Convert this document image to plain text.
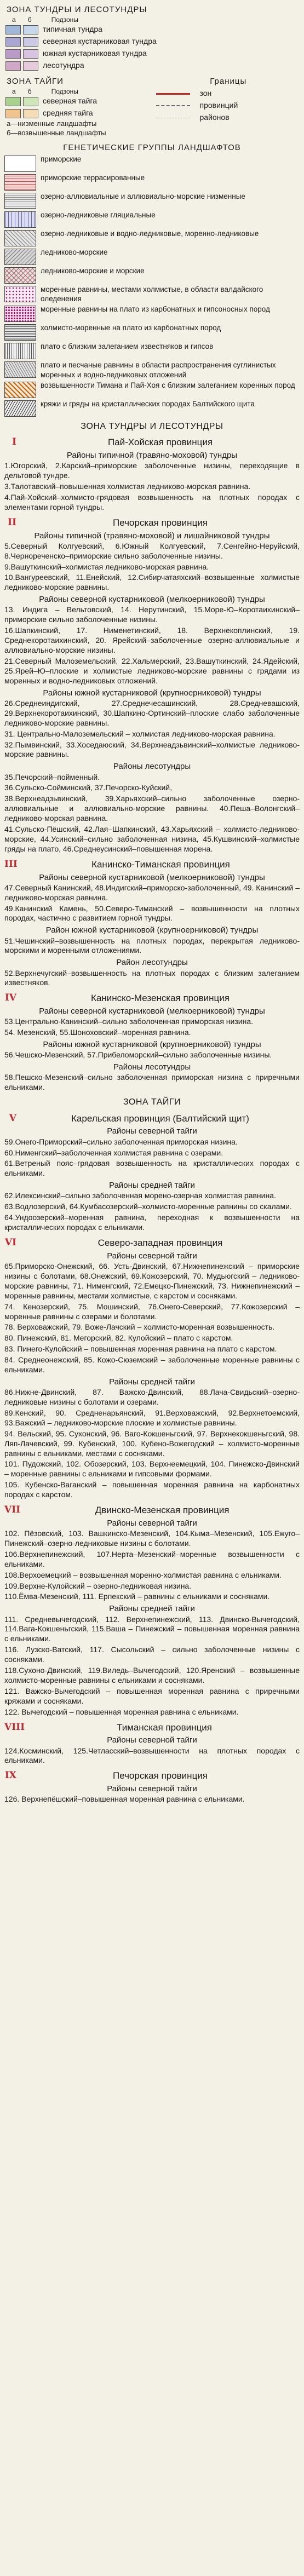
ЗОНА ТУНДРЫ И ЛЕСОТУНДРЫ
а б	Подзоны
типичная тундра
северная кустарниковая тундра
южная кустарниковая тундра
лесотундра
ЗОНА ТАЙГИ
а б	Подзоны
северная тайга
средняя тайга
а—низменные ландшафты
б—возвышенные ландшафты
Границы
зон
провинций
районов
ГЕНЕТИЧЕСКИЕ ГРУППЫ ЛАНДШАФТОВ
приморские
приморские террасированные
озерно-аллювиальные и аллювиально-морские низменные
озерно-ледниковые гляциальные
озерно-ледниковые и водно-ледниковые, моренно-ледниковые
ледниково-морские
ледниково-морские и морские
моренные равнины, местами холмистые, в области валдайского оледенения
моренные равнины на плато из карбонатных и гипсоносных пород
холмисто-моренные на плато из карбонатных пород
плато с близким залеганием известняков и гипсов
плато и песчаные равнины в области распространения суглинистых моренных и водно-ледниковых отложений
возвышенности Тимана и Пай-Хоя с близким залеганием коренных пород
кряжи и гряды на кристаллических породах Балтийского щита
ЗОНА ТУНДРЫ И ЛЕСОТУНДРЫ
I	Пай-Хойская провинция
Районы типичной (травяно-моховой) тундры
1.Югорский, 2.Карский–приморские заболоченные низины, переходящие в дельтовой тундре.
3.Талотавский–повышенная холмистая ледниково-морская равнина.
4.Пай-Хойский–холмисто-грядовая возвышенность на плотных породах с элементами горной тундры.
II	Печорская провинция
Районы типичной (травяно-моховой) и лишайниковой тундры
5.Северный Колгуевский, 6.Южный Колгуевский, 7.Сенгейно-Неруйский, 8.Чернореченско–приморские сильно заболоченные низины.
9.Вашуткинский–холмистая ледниково-морская равнина.
10.Вангуреевский, 11.Енейский, 12.Сибирчатаяхский–возвышенные холмистые ледниково-морские равнины.
Районы северной кустарниковой (мелкоерниковой) тундры
13. Индига – Вельтовский, 14. Нерутинский, 15.Море-Ю–Коротаихинский–приморские сильно заболоченные низины.
16.Шапкинский, 17. Нименетинский, 18. Верхнекоплинский, 19. Среднекоротаихинский, 20. Ярейский–заболоченные озерно-аллювиальные и аллювиально-морские низины.
21.Северный Малоземельский, 22.Хальмерский, 23.Вашуткинский, 24.Ядейский, 25.Ярей–Ю–плоские и холмистые ледниково-морские равнины с грядами из моренных и водно-ледниковых отложений.
Районы южной кустарниковой (крупноерниковой) тундры
26.Среднеиндигский, 27.Среднечесашинский, 28.Средневашский, 29.Верхнекоротаихинский, 30.Шапкино-Ортинский–плоские слабо заболоченные ледниково-морские равнины.
31. Центрально-Малоземельский – холмистая ледниково-морская равнина.
32.Пымвинский, 33.Хоседаюский, 34.Верхнеадзьвинский–холмистые ледниково-морские равнины.
Районы лесотундры
35.Печорский–пойменный.
36.Сульско-Сойминский, 37.Печорско-Куйский,
38.Верхнеадзьвинский, 39.Харьяхский–сильно заболоченные озерно-аллювиальные и аллювиально-морские равнины. 40.Пеша–Волонгский–ледниково-морская равнина.
41.Сульско-Пёшский, 42.Лая–Шапкинский, 43.Харьяхский – холмисто-ледниково-морские, 44.Усинский–сильно заболоченная низина, 45.Кушвинский–холмистые гряды на плато, 46.Среднеусинский–повышенная морена.
III	Канинско-Тиманская провинция
Районы северной кустарниковой (мелкоерниковой) тундры
47.Северный Канинский, 48.Индигский–приморско-заболоченный, 49. Канинский – ледниково-морская равнина.
49.Канинский Камень, 50.Северо-Тиманский – возвышенности на плотных породах, частично с развитием горной тундры.
Район южной кустарниковой (крупноерниковой) тундры
51.Чешинский–возвышенность на плотных породах, перекрытая ледниково-морскими и моренными отложениями.
Район лесотундры
52.Верхнечугский–возвышенность на плотных породах с близким залеганием известняков.
IV	Канинско-Мезенская провинция
Районы северной кустарниковой (мелкоерниковой) тундры
53.Центрально-Канинский–сильно заболоченная приморская низина.
54. Мезенский, 55.Шоноховский–моренная равнина.
Районы южной кустарниковой (крупноерниковой) тундры
56.Чешско-Мезенский, 57.Прибеломорский–сильно заболоченные низины.
Районы лесотундры
58.Пешско-Мезенский–сильно заболоченная приморская низина с приречными ельниками.
ЗОНА ТАЙГИ
V	Карельская провинция (Балтийский щит)
Районы северной тайги
59.Онего-Приморский–сильно заболоченная приморская низина.
60.Нименгский–заболоченная холмистая равнина с озерами.
61.Ветреный пояс–грядовая возвышенность на кристаллических породах с ельниками.
Районы средней тайги
62.Илексинский–сильно заболоченная морено-озерная холмистая равнина.
63.Водлозерский, 64.Кумбасозерский–холмисто-моренные равнины со скалами.
64.Ундоозерский–моренная равнина, переходная к возвышенности на кристаллических породах с ельниками.
VI	Северо-западная провинция
Районы северной тайги
65.Приморско-Онежский, 66. Усть-Двинский, 67.Нижнепинежский – приморские низины с болотами, 68.Онежский, 69.Кожозерский, 70. Мудьюгский – ледниково-морские равнины, 71. Нименгский, 72.Емецко-Пинежский, 73. Нижнепинежский – моренные равнины, местами холмистые, с карстом и сосняками.
74. Кенозерский, 75. Мошинский, 76.Онего-Северский, 77.Кожозерский – моренные равнины с озерами и болотами.
78. Верховажский, 79. Воже-Лачский – холмисто-моренная возвышенность.
80. Пинежский, 81. Мегорский, 82. Кулойский – плато с карстом.
83. Пинего-Кулойский – повышенная моренная равнина на плато с карстом.
84. Среднеонежский, 85. Кожо-Сюземский – заболоченные моренные равнины с ельниками.
Районы средней тайги
86.Нижне-Двинский, 87. Важско-Двинский, 88.Лача-Свидьский–озерно-ледниковые низины с болотами и озерами.
89.Кенский, 90. Средненарьянский, 91.Верховажский, 92.Верхнетоемский, 93.Важский – ледниково-морские плоские и холмистые равнины.
94. Вельский, 95. Сухонский, 96. Ваго-Кокшеньгский, 97. Верхнекокшеньгский, 98. Ляп-Лачевский, 99. Кубенский, 100. Кубено-Вожегодский – холмисто-моренные равнины с ельниками, местами с сосняками.
101. Пудожский, 102. Обозерский, 103. Верхнеемецкий, 104. Пинежско-Двинский – моренные равнины с ельниками и гипсовыми формами.
105. Кубенско-Ваганский – повышенная моренная равнина на карбонатных породах с карстом.
VII	Двинско-Мезенская провинция
Районы северной тайги
102. Пёзовский, 103. Вашкинско-Мезенский, 104.Кыма–Мезенский, 105.Ежуго–Пинежский–озерно-ледниковые низины с болотами.
106.Вёрхнепинежский, 107.Нерта–Мезенский–моренные возвышенности с ельниками.
108.Верхоемецкий – возвышенная моренно-холмистая равнина с ельниками.
109.Верхне-Кулойский – озерно-ледниковая низина.
110.Ёмва-Мезенский, 111. Ерпекский – равнины с ельниками и сосняками.
Районы средней тайги
111. Средневычегодский, 112. Верхнепинежский, 113. Двинско-Вычегодский, 114.Вага-Кокшеньгский, 115.Ваша – Пинежский – повышенная моренная равнина с ельниками.
116. Лузско-Ватский, 117. Сысольский – сильно заболоченные низины с сосняками.
118.Сухоно-Двинский, 119.Виледь–Вычегодский, 120.Яренский – возвышенные холмисто-моренные равнины с ельниками и сосняками.
121. Важско-Вычегодский – повышенная моренная равнина с приречными кряжами и сосняками.
122. Вычегодский – повышенная моренная равнина с ельниками.
VIII	Тиманская провинция
Районы северной тайги
124.Косминский, 125.Четласский–возвышенности на плотных породах с ельниками.
IX	Печорская провинция
Районы северной тайги
126. Верхнепёшский–повышенная моренная равнина с ельниками.
